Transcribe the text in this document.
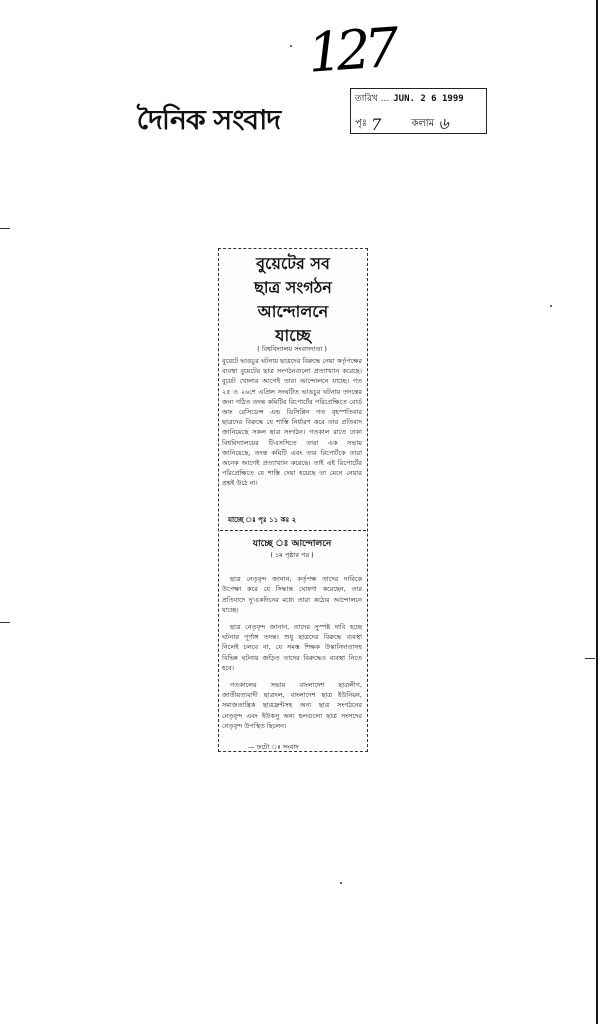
127
দৈনিক সংবাদ
তারিখ ... JUN. 2 6 1999
পৃঃ 7	কলাম ৬
বুয়েটের সব
ছাত্র সংগঠন
আন্দোলনে
যাচ্ছে
( বিশ্ববিদ্যালয় সংবাদদাতা )
বুয়েটে ভাঙচুর ঘটনায় ছাত্রদের বিরুদ্ধে নেয়া কর্তৃপক্ষের ব্যবস্থা বুয়েটের ছাত্র সংগঠনগুলো প্রত্যাখ্যান করেছে। বুয়েট খোলার আগেই তারা আন্দোলনে যাচ্ছে। গত ২৫ ও ২৬শে এপ্রিল সংঘটিত ভাঙচুর ঘটনায় তদন্তের জন্য গঠিত তদন্ত কমিটির রিপোর্টের পরিপ্রেক্ষিতে বোর্ড অফ রেসিডেন্স এন্ড ডিসিপ্লিন গত বৃহস্পতিবার ছাত্রদের বিরুদ্ধে যে শাস্তি নির্ধারণ করে তার প্রতিবাদ জানিয়েছে সকল ছাত্র সংগঠন। গতকাল রাতে ঢাকা বিশ্ববিদ্যালয়ের টিএসসিতে তারা এক সভায় জানিয়েছে, তদন্ত কমিটি এবং তার রিপোর্টকে তারা অনেক আগেই প্রত্যাখ্যান করেছে। তাই এই রিপোর্টের পরিপ্রেক্ষিতে যে শাস্তি দেয়া হয়েছে তা মেনে নেয়ার প্রশ্নই উঠে না।
যাচ্ছে ঃ আন্দোলনে
( ১ম পৃষ্ঠার পর )

ছাত্র নেতৃবৃন্দ জানান, কর্তৃপক্ষ তাদের দাবিকে উপেক্ষা করে যে সিদ্ধান্ত ঘোষণা করেছেন, তার প্রতিবাদে দু'একদিনের মধ্যে তারা কঠোর আন্দোলনে যাচ্ছে।

ছাত্র নেতৃবৃন্দ জানান, তাদের সুস্পষ্ট দাবি হচ্ছে ঘটনার পূর্ণাঙ্গ তদন্ত। শুধু ছাত্রদের বিরুদ্ধে ব্যবস্থা নিলেই চলবে না, যে সমস্ত শিক্ষক উস্কানিদাতাসহ বিভিন্ন ঘটনায় জড়িত তাদের বিরুদ্ধেও ব্যবস্থা নিতে হবে।

গতকালের সভায় বাংলাদেশ ছাত্রলীগ, জাতীয়তাবাদী ছাত্রদল, বাংলাদেশ ছাত্র ইউনিয়ন, সমাজতান্ত্রিক ছাত্রফ্রন্টসহ অন্য ছাত্র সংগঠনের নেতৃবৃন্দ এবং ইউকসু অন্য হলগুলো ছাত্র সংসদের নেতৃবৃন্দ উপস্থিত ছিলেন।

— ফটো ঃ সংবাদ
যাচ্ছে ঃ পৃঃ ১১ কঃ ২
